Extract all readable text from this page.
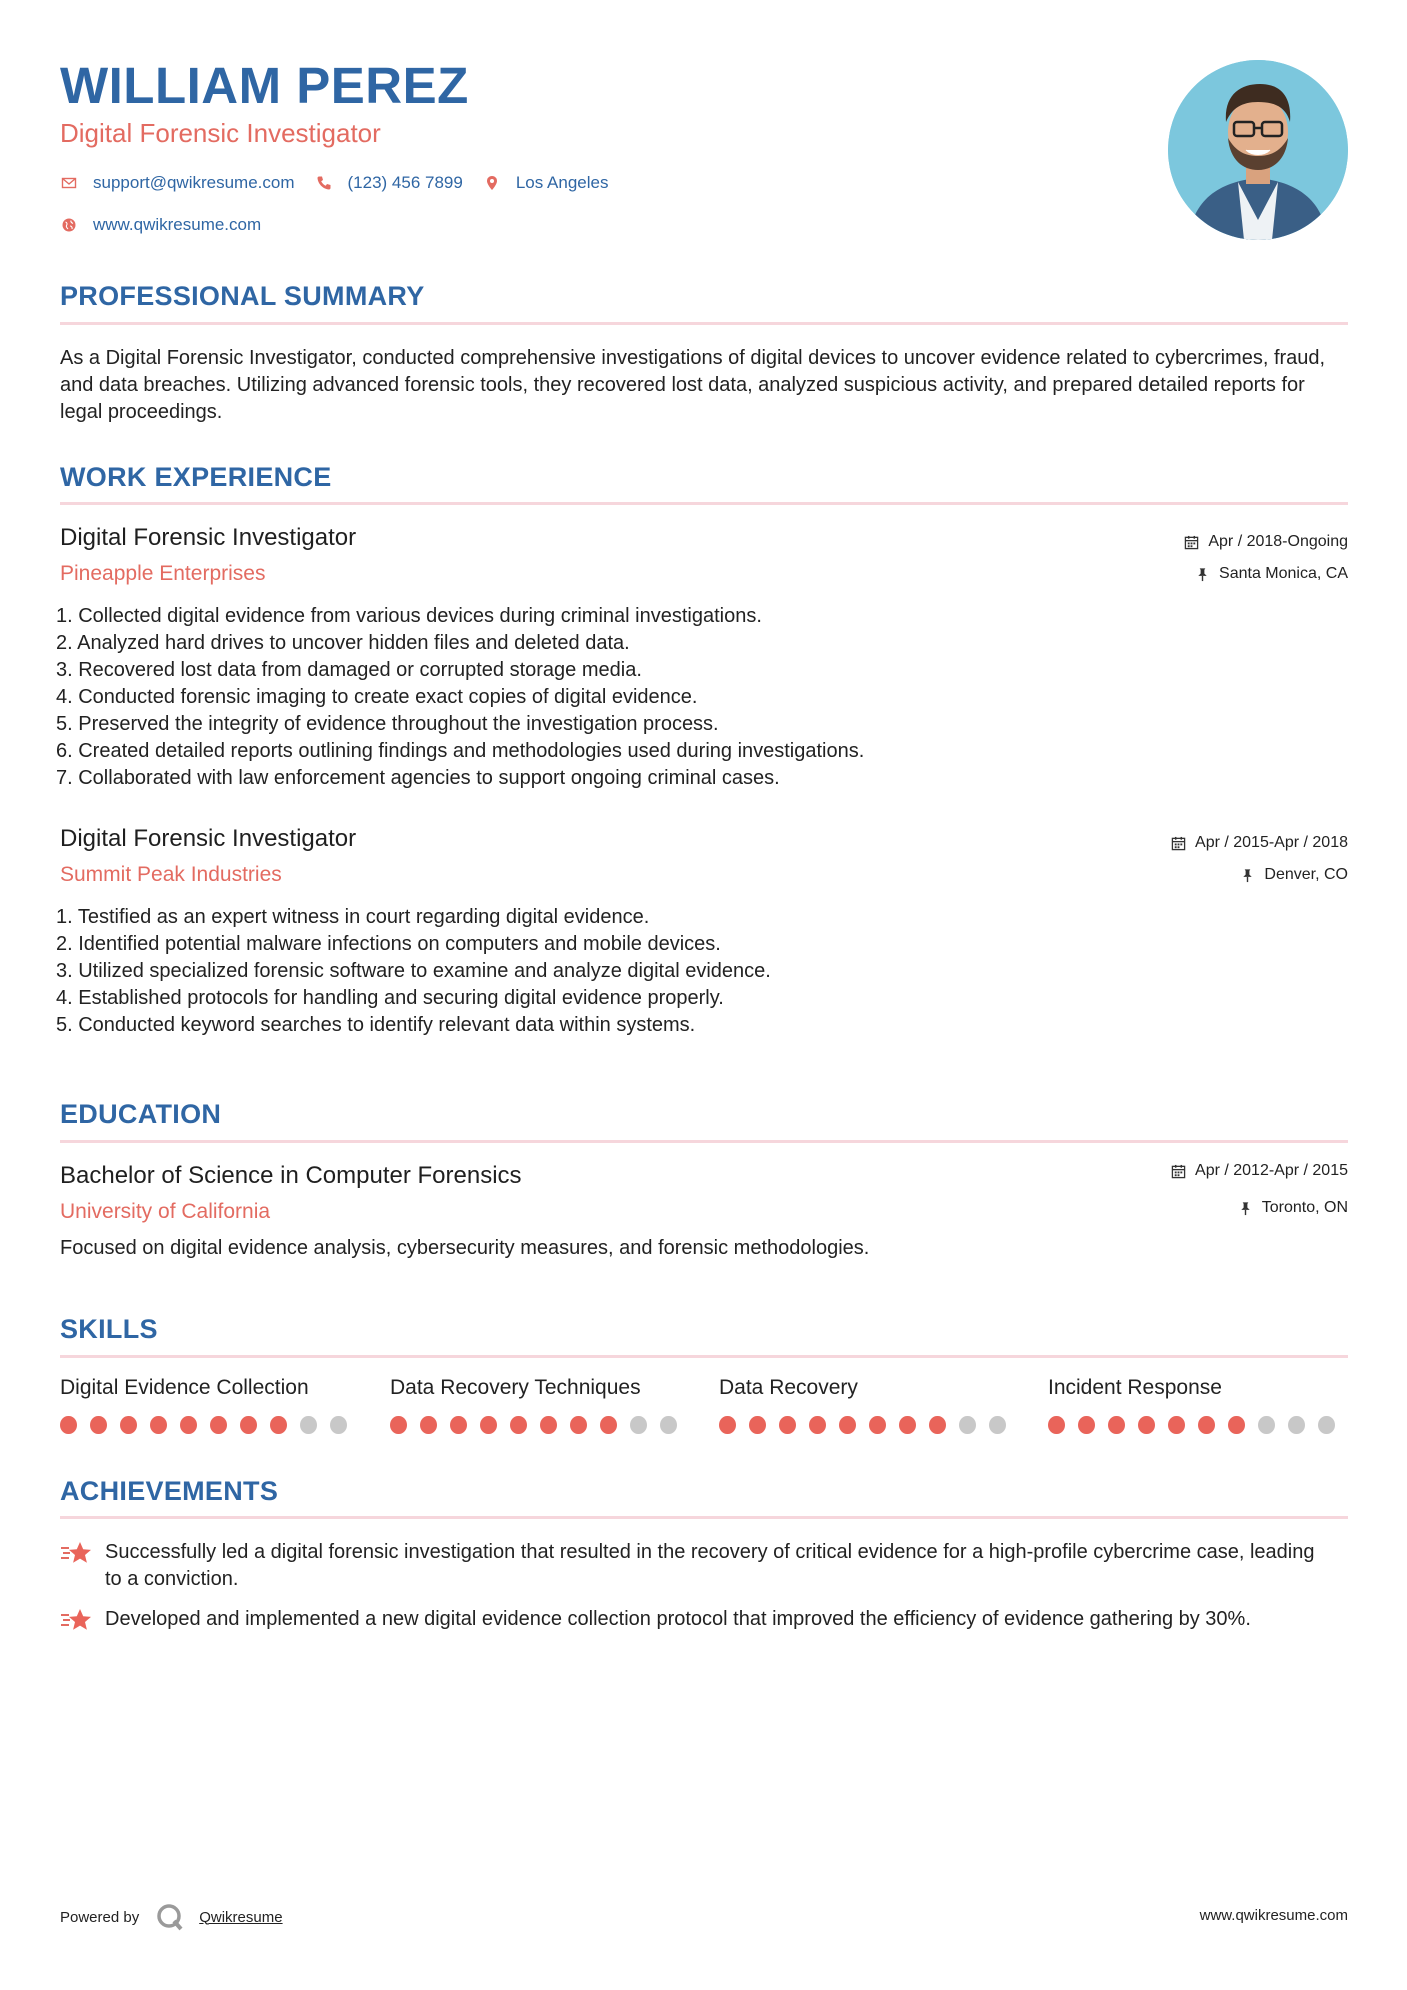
WILLIAM PEREZ
Digital Forensic Investigator
support@qwikresume.com	(123) 456 7899	Los Angeles
www.qwikresume.com
PROFESSIONAL SUMMARY
As a Digital Forensic Investigator, conducted comprehensive investigations of digital devices to uncover evidence related to cybercrimes, fraud, and data breaches. Utilizing advanced forensic tools, they recovered lost data, analyzed suspicious activity, and prepared detailed reports for legal proceedings.
WORK EXPERIENCE
Digital Forensic Investigator
Pineapple Enterprises
Apr / 2018-Ongoing
Santa Monica, CA
1. Collected digital evidence from various devices during criminal investigations.
2. Analyzed hard drives to uncover hidden files and deleted data.
3. Recovered lost data from damaged or corrupted storage media.
4. Conducted forensic imaging to create exact copies of digital evidence.
5. Preserved the integrity of evidence throughout the investigation process.
6. Created detailed reports outlining findings and methodologies used during investigations.
7. Collaborated with law enforcement agencies to support ongoing criminal cases.
Digital Forensic Investigator
Summit Peak Industries
Apr / 2015-Apr / 2018
Denver, CO
1. Testified as an expert witness in court regarding digital evidence.
2. Identified potential malware infections on computers and mobile devices.
3. Utilized specialized forensic software to examine and analyze digital evidence.
4. Established protocols for handling and securing digital evidence properly.
5. Conducted keyword searches to identify relevant data within systems.
EDUCATION
Bachelor of Science in Computer Forensics
University of California
Apr / 2012-Apr / 2015
Toronto, ON
Focused on digital evidence analysis, cybersecurity measures, and forensic methodologies.
SKILLS
Digital Evidence Collection	Data Recovery Techniques	Data Recovery	Incident Response
ACHIEVEMENTS
Successfully led a digital forensic investigation that resulted in the recovery of critical evidence for a high-profile cybercrime case, leading to a conviction.
Developed and implemented a new digital evidence collection protocol that improved the efficiency of evidence gathering by 30%.
Powered by	Qwikresume	www.qwikresume.com
